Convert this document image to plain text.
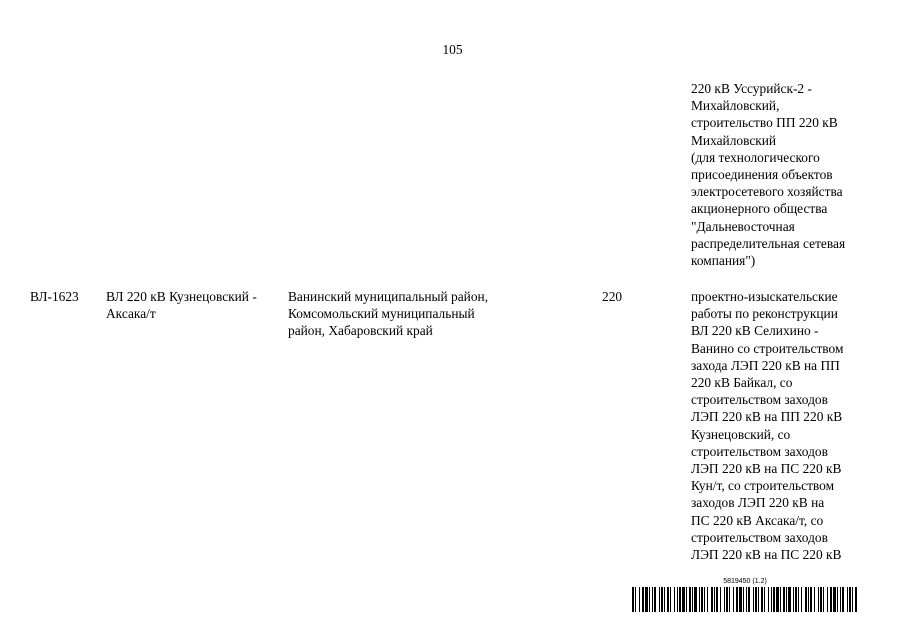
105
220 кВ Уссурийск-2 -
Михайловский,
строительство ПП 220 кВ
Михайловский
(для технологического
присоединения объектов
электросетевого хозяйства
акционерного общества
"Дальневосточная
распределительная сетевая
компания")
ВЛ-1623 ВЛ 220 кВ Кузнецовский -
Аксака/т
Ванинский муниципальный район,
Комсомольский муниципальный
район, Хабаровский край
220	проектно-изыскательские
работы по реконструкции
ВЛ 220 кВ Селихино -
Ванино со строительством
захода ЛЭП 220 кВ на ПП
220 кВ Байкал, со
строительством заходов
ЛЭП 220 кВ на ПП 220 кВ
Кузнецовский, со
строительством заходов
ЛЭП 220 кВ на ПС 220 кВ
Кун/т, со строительством
заходов ЛЭП 220 кВ на
ПС 220 кВ Аксака/т, со
строительством заходов
ЛЭП 220 кВ на ПС 220 кВ
5819450 (1.2)
